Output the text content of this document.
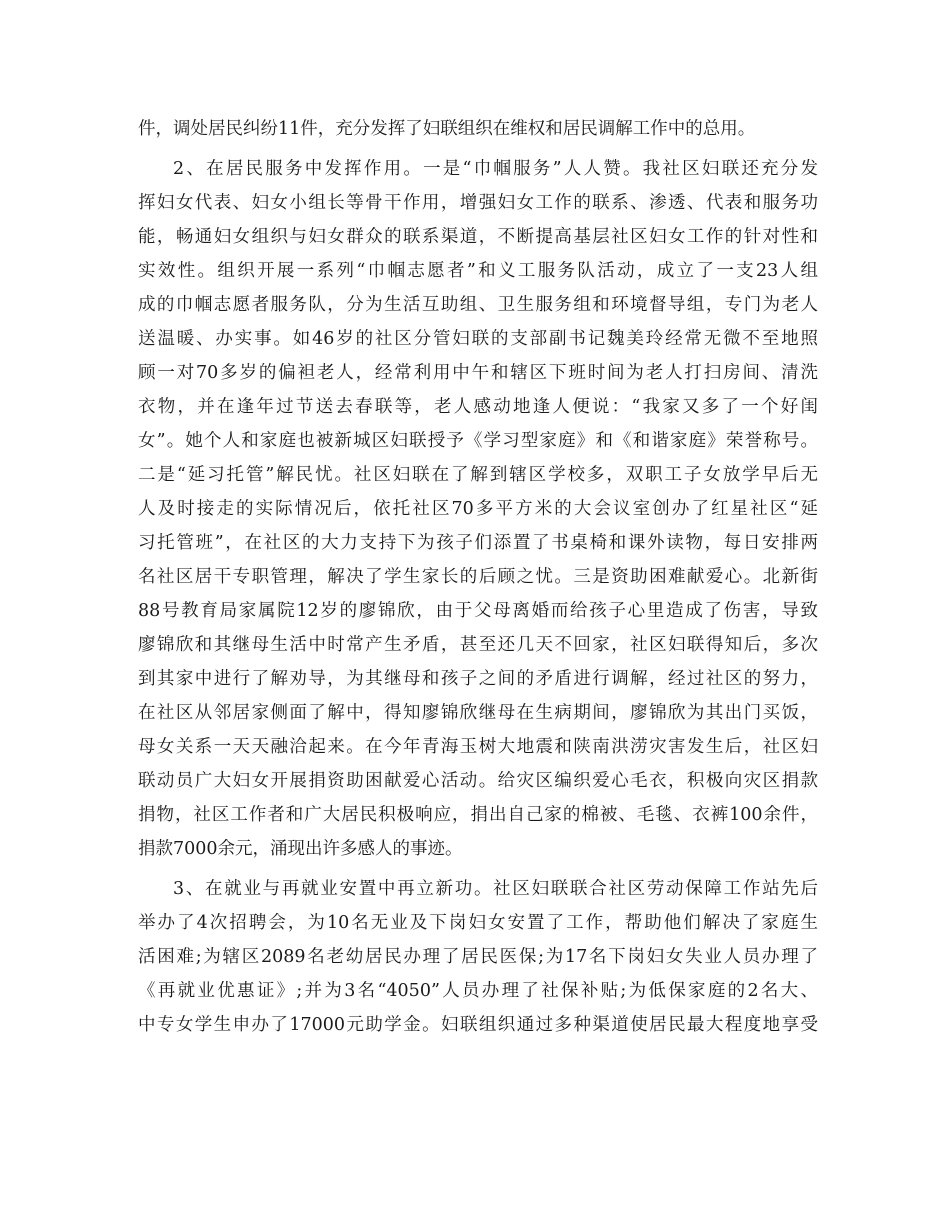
件，调处居民纠纷11件，充分发挥了妇联组织在维权和居民调解工作中的总用。
2、在居民服务中发挥作用。一是“巾帼服务”人人赞。我社区妇联还充分发
挥妇女代表、妇女小组长等骨干作用，增强妇女工作的联系、渗透、代表和服务功
能，畅通妇女组织与妇女群众的联系渠道，不断提高基层社区妇女工作的针对性和
实效性。组织开展一系列“巾帼志愿者”和义工服务队活动，成立了一支23人组
成的巾帼志愿者服务队，分为生活互助组、卫生服务组和环境督导组，专门为老人
送温暖、办实事。如46岁的社区分管妇联的支部副书记魏美玲经常无微不至地照
顾一对70多岁的偏袒老人，经常利用中午和辖区下班时间为老人打扫房间、清洗
衣物，并在逢年过节送去春联等，老人感动地逢人便说：“我家又多了一个好闺
女”。她个人和家庭也被新城区妇联授予《学习型家庭》和《和谐家庭》荣誉称号。
二是“延习托管”解民忧。社区妇联在了解到辖区学校多，双职工子女放学早后无
人及时接走的实际情况后，依托社区70多平方米的大会议室创办了红星社区“延
习托管班”，在社区的大力支持下为孩子们添置了书桌椅和课外读物，每日安排两
名社区居干专职管理，解决了学生家长的后顾之忧。三是资助困难献爱心。北新街
88号教育局家属院12岁的廖锦欣，由于父母离婚而给孩子心里造成了伤害，导致
廖锦欣和其继母生活中时常产生矛盾，甚至还几天不回家，社区妇联得知后，多次
到其家中进行了解劝导，为其继母和孩子之间的矛盾进行调解，经过社区的努力，
在社区从邻居家侧面了解中，得知廖锦欣继母在生病期间，廖锦欣为其出门买饭，
母女关系一天天融洽起来。在今年青海玉树大地震和陕南洪涝灾害发生后，社区妇
联动员广大妇女开展捐资助困献爱心活动。给灾区编织爱心毛衣，积极向灾区捐款
捐物，社区工作者和广大居民积极响应，捐出自己家的棉被、毛毯、衣裤100余件，
捐款7000余元，涌现出许多感人的事迹。
3、在就业与再就业安置中再立新功。社区妇联联合社区劳动保障工作站先后
举办了4次招聘会，为10名无业及下岗妇女安置了工作，帮助他们解决了家庭生
活困难;为辖区2089名老幼居民办理了居民医保;为17名下岗妇女失业人员办理了
《再就业优惠证》;并为3名“4050”人员办理了社保补贴;为低保家庭的2名大、
中专女学生申办了17000元助学金。妇联组织通过多种渠道使居民最大程度地享受
